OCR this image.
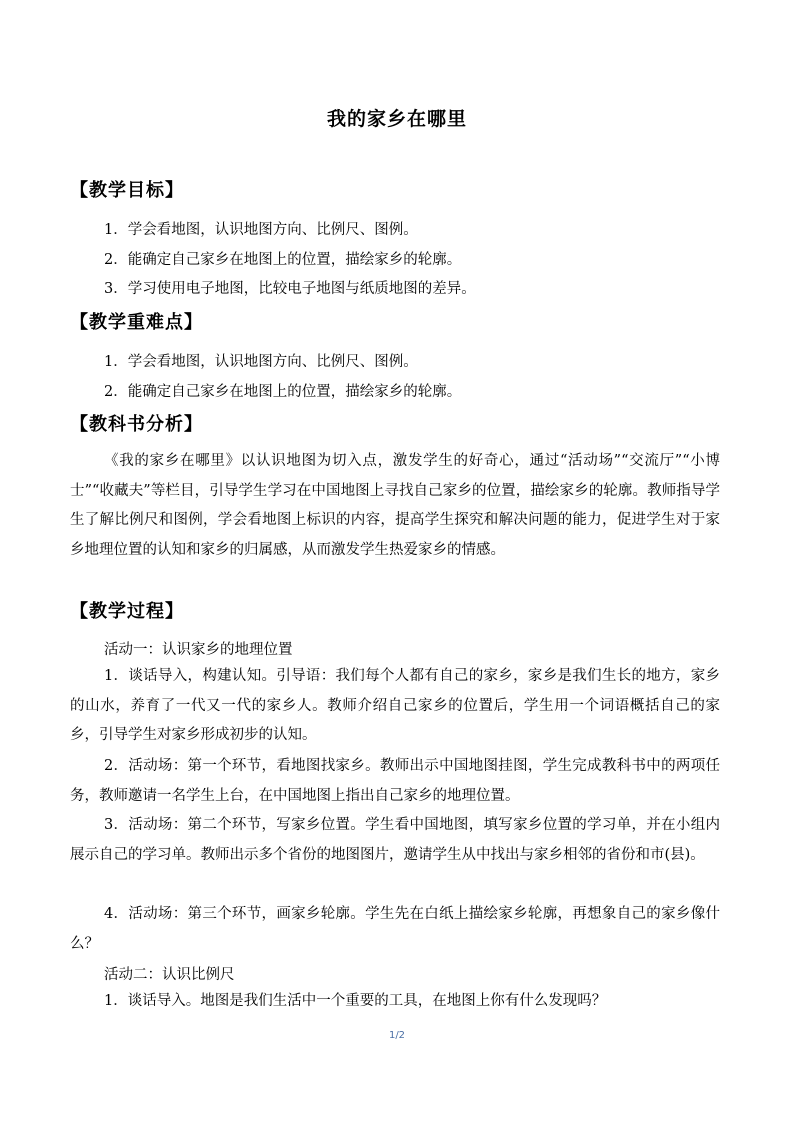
我的家乡在哪里
【教学目标】
1．学会看地图，认识地图方向、比例尺、图例。
2．能确定自己家乡在地图上的位置，描绘家乡的轮廓。
3．学习使用电子地图，比较电子地图与纸质地图的差异。
【教学重难点】
1．学会看地图，认识地图方向、比例尺、图例。
2．能确定自己家乡在地图上的位置，描绘家乡的轮廓。
【教科书分析】
《我的家乡在哪里》以认识地图为切入点，激发学生的好奇心，通过“活动场”“交流厅”“小博士”“收藏夫”等栏目，引导学生学习在中国地图上寻找自己家乡的位置，描绘家乡的轮廓。教师指导学生了解比例尺和图例，学会看地图上标识的内容，提高学生探究和解决问题的能力，促进学生对于家乡地理位置的认知和家乡的归属感，从而激发学生热爱家乡的情感。
【教学过程】
活动一：认识家乡的地理位置
1．谈话导入，构建认知。引导语：我们每个人都有自己的家乡，家乡是我们生长的地方，家乡的山水，养育了一代又一代的家乡人。教师介绍自己家乡的位置后，学生用一个词语概括自己的家乡，引导学生对家乡形成初步的认知。
2．活动场：第一个环节，看地图找家乡。教师出示中国地图挂图，学生完成教科书中的两项任务，教师邀请一名学生上台，在中国地图上指出自己家乡的地理位置。
3．活动场：第二个环节，写家乡位置。学生看中国地图，填写家乡位置的学习单，并在小组内展示自己的学习单。教师出示多个省份的地图图片，邀请学生从中找出与家乡相邻的省份和市(县)。
4．活动场：第三个环节，画家乡轮廓。学生先在白纸上描绘家乡轮廓，再想象自己的家乡像什么？
活动二：认识比例尺
1．谈话导入。地图是我们生活中一个重要的工具，在地图上你有什么发现吗？
1/2
